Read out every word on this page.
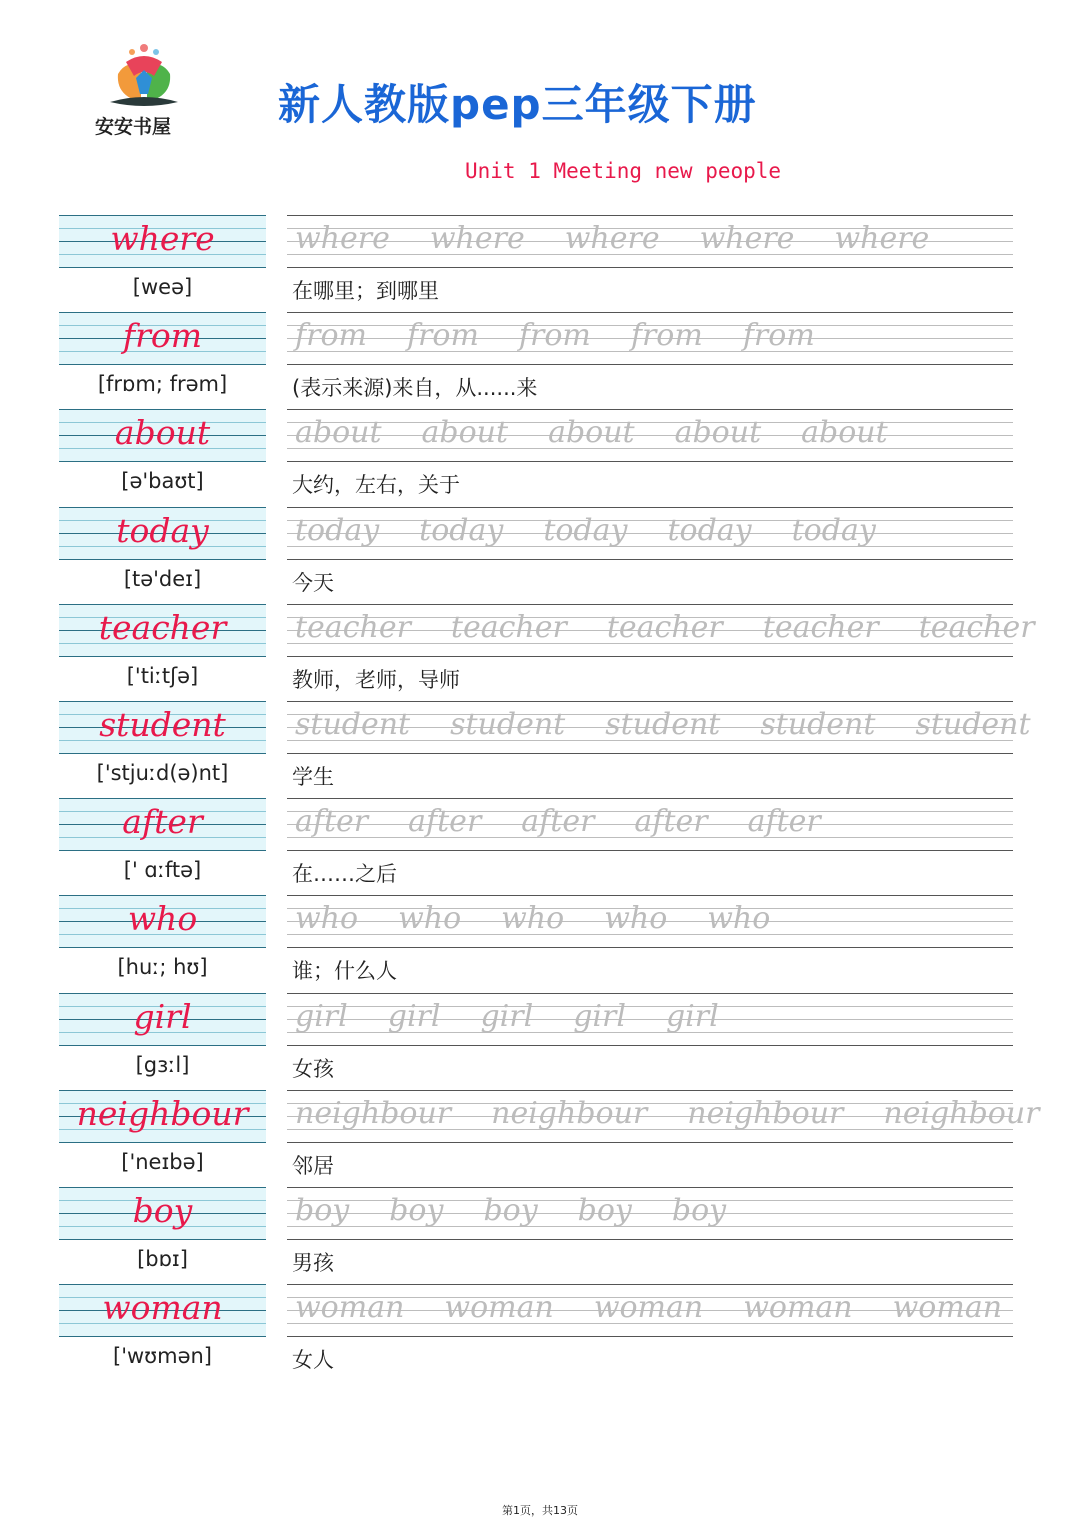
安安书屋	新人教版pep三年级下册
Unit 1 Meeting new people
where	where where where where where
[weə]	在哪里；到哪里
from	from from from from from
[frɒm; frəm]	(表示来源)来自，从......来
about	about about about about about
[ə'baʊt]	大约，左右，关于
today	today today today today today
[tə'deɪ]	今天
teacher	teacher teacher teacher teacher teacher
['tiːtʃə]	教师，老师，导师
student	student student student student student
['stjuːd(ə)nt]	学生
after	after after after after after
[' ɑːftə]	在……之后
who	who who who who who
[huː; hʊ]	谁；什么人
girl	girl girl girl girl girl
[gɜːl]	女孩
neighbour	neighbour neighbour neighbour neighbour
['neɪbə]	邻居
boy	boy boy boy boy boy
[bɒɪ]	男孩
woman	woman woman woman woman woman
['wʊmən]	女人
第1页，共13页
